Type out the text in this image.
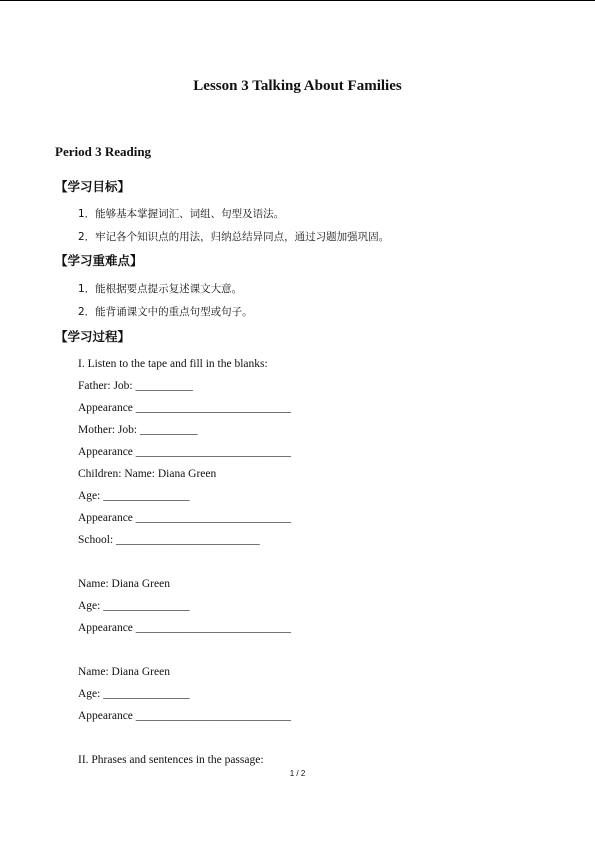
Lesson 3 Talking About Families
Period 3 Reading
【学习目标】
1．能够基本掌握词汇、词组、句型及语法。
2．牢记各个知识点的用法，归纳总结异同点，通过习题加强巩固。
【学习重难点】
1．能根据要点提示复述课文大意。
2．能背诵课文中的重点句型或句子。
【学习过程】
I. Listen to the tape and fill in the blanks:
Father: Job: __________
Appearance ___________________________
Mother: Job: __________
Appearance ___________________________
Children: Name: Diana Green
Age: _______________
Appearance ___________________________
School: _________________________
Name: Diana Green
Age: _______________
Appearance ___________________________
Name: Diana Green
Age: _______________
Appearance ___________________________
II. Phrases and sentences in the passage:
1 / 2
